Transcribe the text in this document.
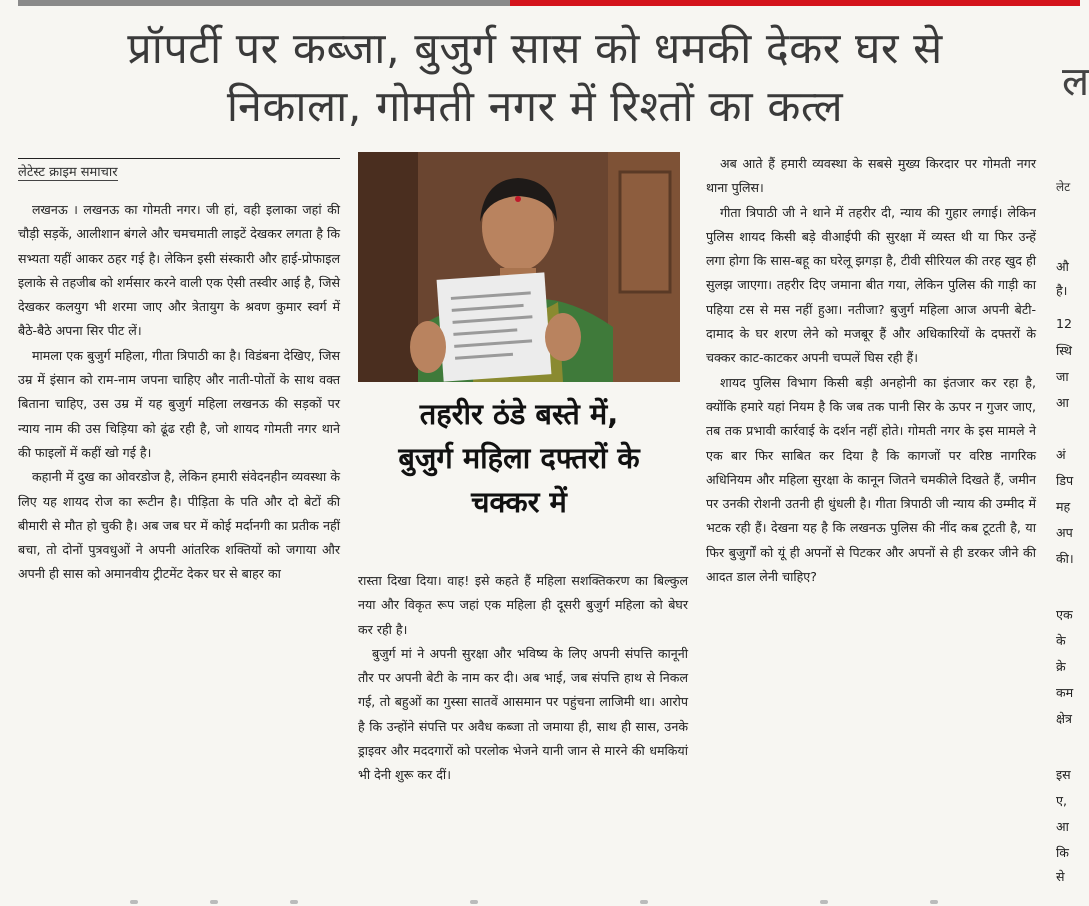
प्रॉपर्टी पर कब्जा, बुजुर्ग सास को धमकी देकर घर से
निकाला, गोमती नगर में रिश्तों का कत्ल
लेटेस्ट क्राइम समाचार

लखनऊ । लखनऊ का गोमती नगर। जी हां, वही इलाका जहां की चौड़ी सड़कें, आलीशान बंगले और चमचमाती लाइटें देखकर लगता है कि सभ्यता यहीं आकर ठहर गई है। लेकिन इसी संस्कारी और हाई-प्रोफाइल इलाके से तहजीब को शर्मसार करने वाली एक ऐसी तस्वीर आई है, जिसे देखकर कलयुग भी शरमा जाए और त्रेतायुग के श्रवण कुमार स्वर्ग में बैठे-बैठे अपना सिर पीट लें।

मामला एक बुजुर्ग महिला, गीता त्रिपाठी का है। विडंबना देखिए, जिस उम्र में इंसान को राम-नाम जपना चाहिए और नाती-पोतों के साथ वक्त बिताना चाहिए, उस उम्र में यह बुजुर्ग महिला लखनऊ की सड़कों पर न्याय नाम की उस चिड़िया को ढूंढ रही है, जो शायद गोमती नगर थाने की फाइलों में कहीं खो गई है।

कहानी में दुख का ओवरडोज है, लेकिन हमारी संवेदनहीन व्यवस्था के लिए यह शायद रोज का रूटीन है। पीड़िता के पति और दो बेटों की बीमारी से मौत हो चुकी है। अब जब घर में कोई मर्दानगी का प्रतीक नहीं बचा, तो दोनों पुत्रवधुओं ने अपनी आंतरिक शक्तियों को जगाया और अपनी ही सास को अमानवीय ट्रीटमेंट देकर घर से बाहर का

तहरीर ठंडे बस्ते में,
बुजुर्ग महिला दफ्तरों के
चक्कर में

रास्ता दिखा दिया। वाह! इसे कहते हैं महिला सशक्तिकरण का बिल्कुल नया और विकृत रूप जहां एक महिला ही दूसरी बुजुर्ग महिला को बेघर कर रही है।

बुजुर्ग मां ने अपनी सुरक्षा और भविष्य के लिए अपनी संपत्ति कानूनी तौर पर अपनी बेटी के नाम कर दी। अब भाई, जब संपत्ति हाथ से निकल गई, तो बहुओं का गुस्सा सातवें आसमान पर पहुंचना लाजिमी था। आरोप है कि उन्होंने संपत्ति पर अवैध कब्जा तो जमाया ही, साथ ही सास, उनके ड्राइवर और मददगारों को परलोक भेजने यानी जान से मारने की धमकियां भी देनी शुरू कर दीं।

अब आते हैं हमारी व्यवस्था के सबसे मुख्य किरदार पर गोमती नगर थाना पुलिस।

गीता त्रिपाठी जी ने थाने में तहरीर दी, न्याय की गुहार लगाई। लेकिन पुलिस शायद किसी बड़े वीआईपी की सुरक्षा में व्यस्त थी या फिर उन्हें लगा होगा कि सास-बहू का घरेलू झगड़ा है, टीवी सीरियल की तरह खुद ही सुलझ जाएगा। तहरीर दिए जमाना बीत गया, लेकिन पुलिस की गाड़ी का पहिया टस से मस नहीं हुआ। नतीजा? बुजुर्ग महिला आज अपनी बेटी-दामाद के घर शरण लेने को मजबूर हैं और अधिकारियों के दफ्तरों के चक्कर काट-काटकर अपनी चप्पलें घिस रही हैं।

शायद पुलिस विभाग किसी बड़ी अनहोनी का इंतजार कर रहा है, क्योंकि हमारे यहां नियम है कि जब तक पानी सिर के ऊपर न गुजर जाए, तब तक प्रभावी कार्रवाई के दर्शन नहीं होते। गोमती नगर के इस मामले ने एक बार फिर साबित कर दिया है कि कागजों पर वरिष्ठ नागरिक अधिनियम और महिला सुरक्षा के कानून जितने चमकीले दिखते हैं, जमीन पर उनकी रोशनी उतनी ही धुंधली है। गीता त्रिपाठी जी न्याय की उम्मीद में भटक रही हैं। देखना यह है कि लखनऊ पुलिस की नींद कब टूटती है, या फिर बुजुर्गों को यूं ही अपनों से पिटकर और अपनों से ही डरकर जीने की आदत डाल लेनी चाहिए?

ल
लेट
औ
है।
12
स्थि
जा
आ
अं
डिप
मह
अप
की।
एक
के
क्रे
कम
क्षेत्र
इस
ए,
आ
कि
से
